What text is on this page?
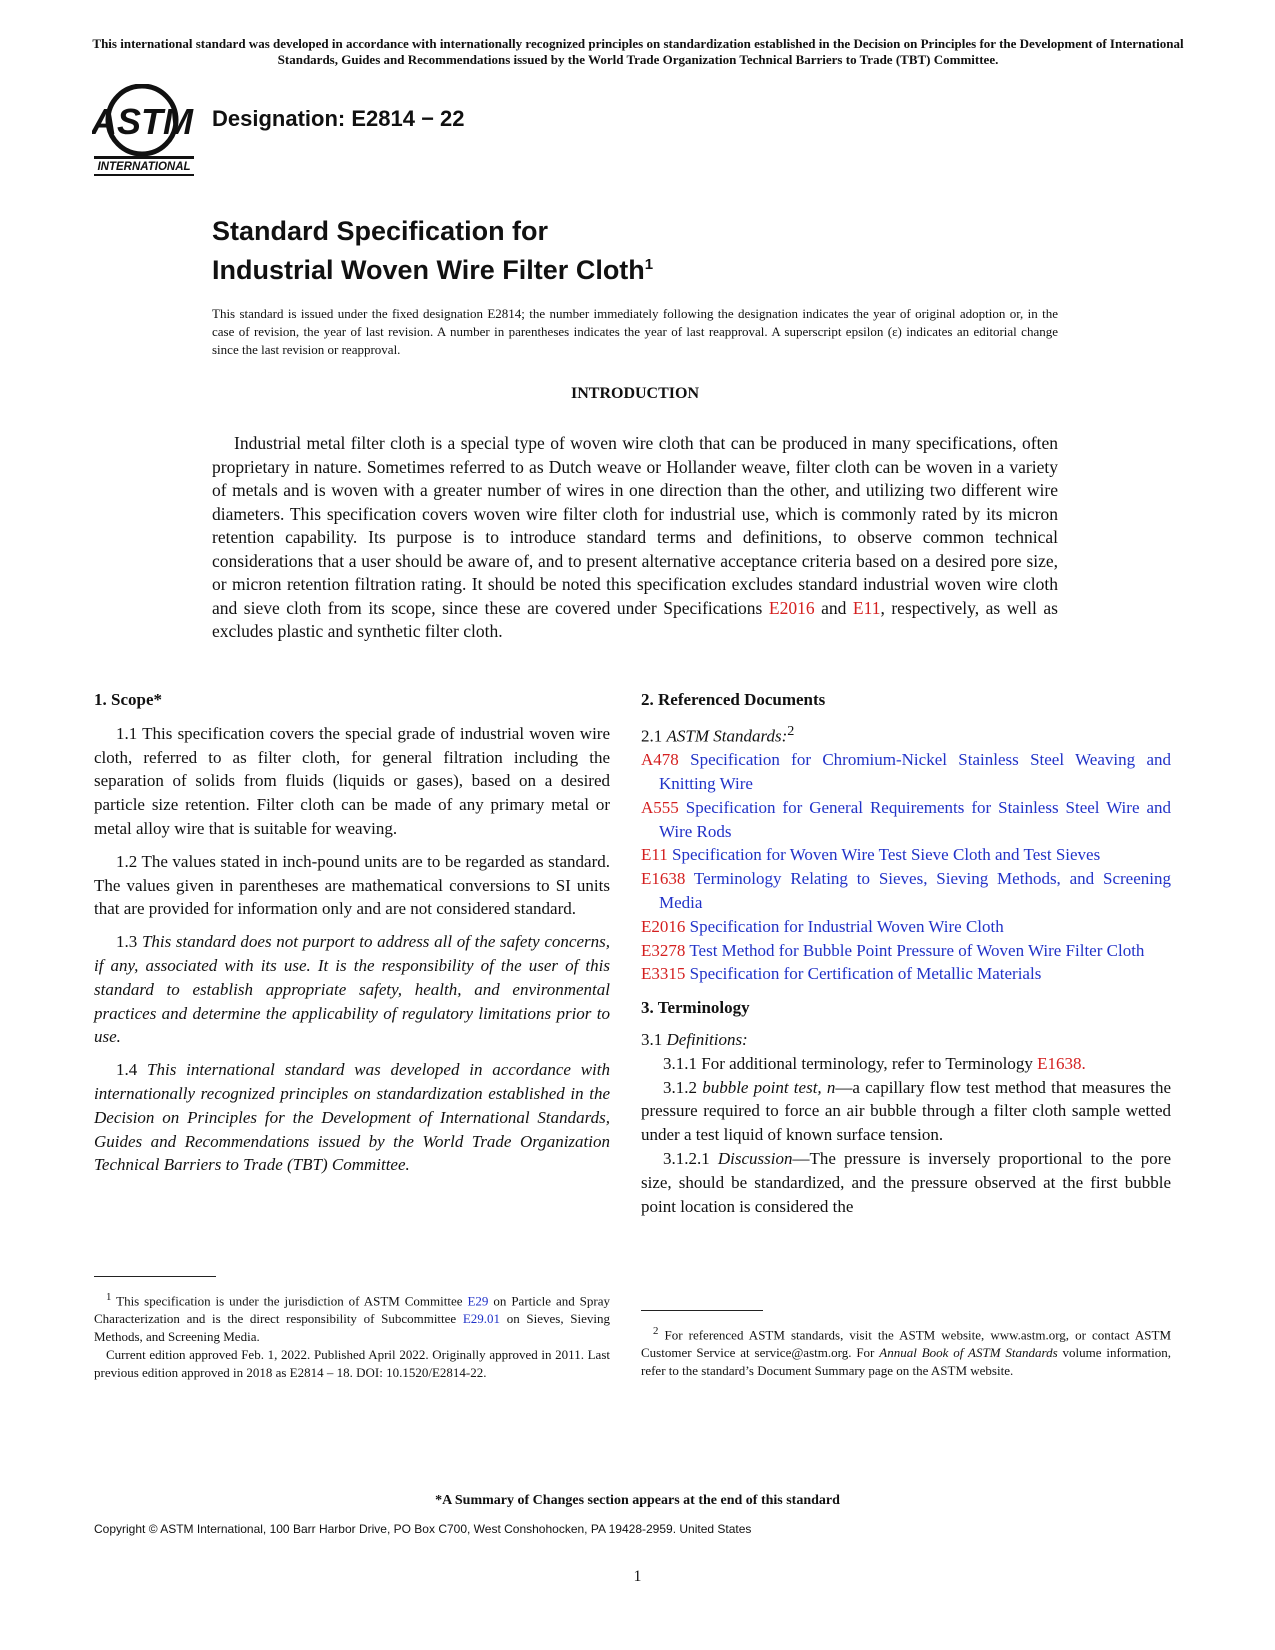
This international standard was developed in accordance with internationally recognized principles on standardization established in the Decision on Principles for the Development of International Standards, Guides and Recommendations issued by the World Trade Organization Technical Barriers to Trade (TBT) Committee.
ASTM
INTERNATIONAL
Designation: E2814 − 22
Standard Specification for
Industrial Woven Wire Filter Cloth$^1$
This standard is issued under the fixed designation E2814; the number immediately following the designation indicates the year of original adoption or, in the case of revision, the year of last revision. A number in parentheses indicates the year of last reapproval. A superscript epsilon (ε) indicates an editorial change since the last revision or reapproval.
INTRODUCTION
Industrial metal filter cloth is a special type of woven wire cloth that can be produced in many specifications, often proprietary in nature. Sometimes referred to as Dutch weave or Hollander weave, filter cloth can be woven in a variety of metals and is woven with a greater number of wires in one direction than the other, and utilizing two different wire diameters. This specification covers woven wire filter cloth for industrial use, which is commonly rated by its micron retention capability. Its purpose is to introduce standard terms and definitions, to observe common technical considerations that a user should be aware of, and to present alternative acceptance criteria based on a desired pore size, or micron retention filtration rating. It should be noted this specification excludes standard industrial woven wire cloth and sieve cloth from its scope, since these are covered under Specifications E2016 and E11, respectively, as well as excludes plastic and synthetic filter cloth.
1. Scope*

1.1 This specification covers the special grade of industrial woven wire cloth, referred to as filter cloth, for general filtration including the separation of solids from fluids (liquids or gases), based on a desired particle size retention. Filter cloth can be made of any primary metal or metal alloy wire that is suitable for weaving.

1.2 The values stated in inch-pound units are to be regarded as standard. The values given in parentheses are mathematical conversions to SI units that are provided for information only and are not considered standard.

1.3 This standard does not purport to address all of the safety concerns, if any, associated with its use. It is the responsibility of the user of this standard to establish appropriate safety, health, and environmental practices and determine the applicability of regulatory limitations prior to use.

1.4 This international standard was developed in accordance with internationally recognized principles on standardization established in the Decision on Principles for the Development of International Standards, Guides and Recommendations issued by the World Trade Organization Technical Barriers to Trade (TBT) Committee.

$^1$ This specification is under the jurisdiction of ASTM Committee E29 on Particle and Spray Characterization and is the direct responsibility of Subcommittee E29.01 on Sieves, Sieving Methods, and Screening Media.

Current edition approved Feb. 1, 2022. Published April 2022. Originally approved in 2011. Last previous edition approved in 2018 as E2814 – 18. DOI: 10.1520/E2814-22.

2. Referenced Documents

2.1 ASTM Standards:$^2$

A478 Specification for Chromium-Nickel Stainless Steel Weaving and Knitting Wire

A555 Specification for General Requirements for Stainless Steel Wire and Wire Rods

E11 Specification for Woven Wire Test Sieve Cloth and Test Sieves

E1638 Terminology Relating to Sieves, Sieving Methods, and Screening Media

E2016 Specification for Industrial Woven Wire Cloth

E3278 Test Method for Bubble Point Pressure of Woven Wire Filter Cloth

E3315 Specification for Certification of Metallic Materials

3. Terminology

3.1 Definitions:

3.1.1 For additional terminology, refer to Terminology E1638.

3.1.2 bubble point test, n—a capillary flow test method that measures the pressure required to force an air bubble through a filter cloth sample wetted under a test liquid of known surface tension.

3.1.2.1 Discussion—The pressure is inversely proportional to the pore size, should be standardized, and the pressure observed at the first bubble point location is considered the

$^2$ For referenced ASTM standards, visit the ASTM website, www.astm.org, or contact ASTM Customer Service at service@astm.org. For Annual Book of ASTM Standards volume information, refer to the standard’s Document Summary page on the ASTM website.

*A Summary of Changes section appears at the end of this standard
Copyright © ASTM International, 100 Barr Harbor Drive, PO Box C700, West Conshohocken, PA 19428-2959. United States
1
